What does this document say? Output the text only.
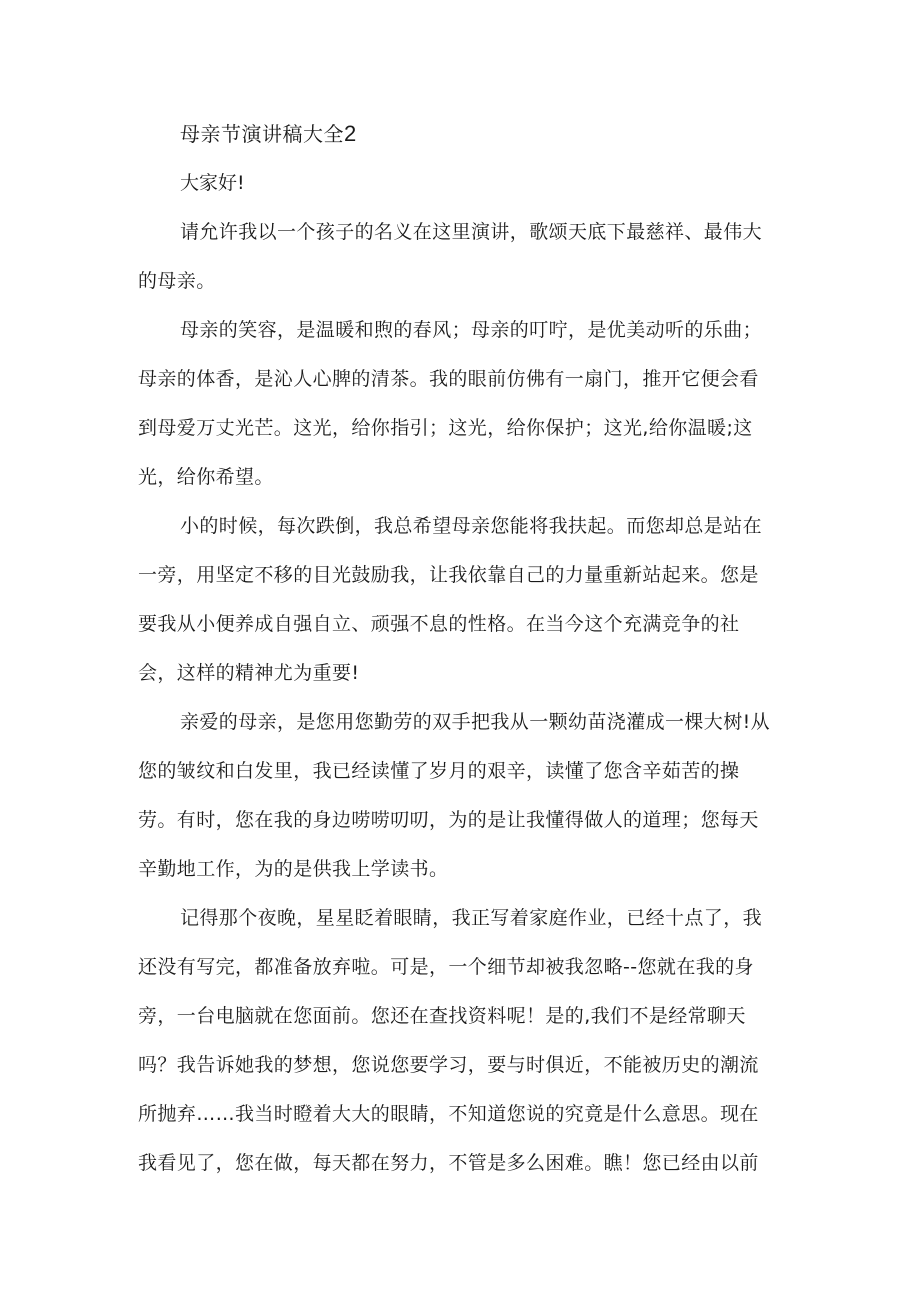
母亲节演讲稿大全2
大家好!
请允许我以一个孩子的名义在这里演讲，歌颂天底下最慈祥、最伟大
的母亲。
母亲的笑容，是温暖和煦的春风；母亲的叮咛，是优美动听的乐曲；
母亲的体香，是沁人心脾的清茶。我的眼前仿佛有一扇门，推开它便会看
到母爱万丈光芒。这光，给你指引；这光，给你保护；这光,给你温暖;这
光，给你希望。
小的时候，每次跌倒，我总希望母亲您能将我扶起。而您却总是站在
一旁，用坚定不移的目光鼓励我，让我依靠自己的力量重新站起来。您是
要我从小便养成自强自立、顽强不息的性格。在当今这个充满竞争的社
会，这样的精神尤为重要!
亲爱的母亲，是您用您勤劳的双手把我从一颗幼苗浇灌成一棵大树!从
您的皱纹和白发里，我已经读懂了岁月的艰辛，读懂了您含辛茹苦的操
劳。有时，您在我的身边唠唠叨叨，为的是让我懂得做人的道理；您每天
辛勤地工作，为的是供我上学读书。
记得那个夜晚，星星眨着眼睛，我正写着家庭作业，已经十点了，我
还没有写完，都准备放弃啦。可是，一个细节却被我忽略--您就在我的身
旁，一台电脑就在您面前。您还在查找资料呢！是的,我们不是经常聊天
吗？我告诉她我的梦想，您说您要学习，要与时俱近，不能被历史的潮流
所抛弃……我当时瞪着大大的眼睛，不知道您说的究竟是什么意思。现在
我看见了，您在做，每天都在努力，不管是多么困难。瞧！您已经由以前
